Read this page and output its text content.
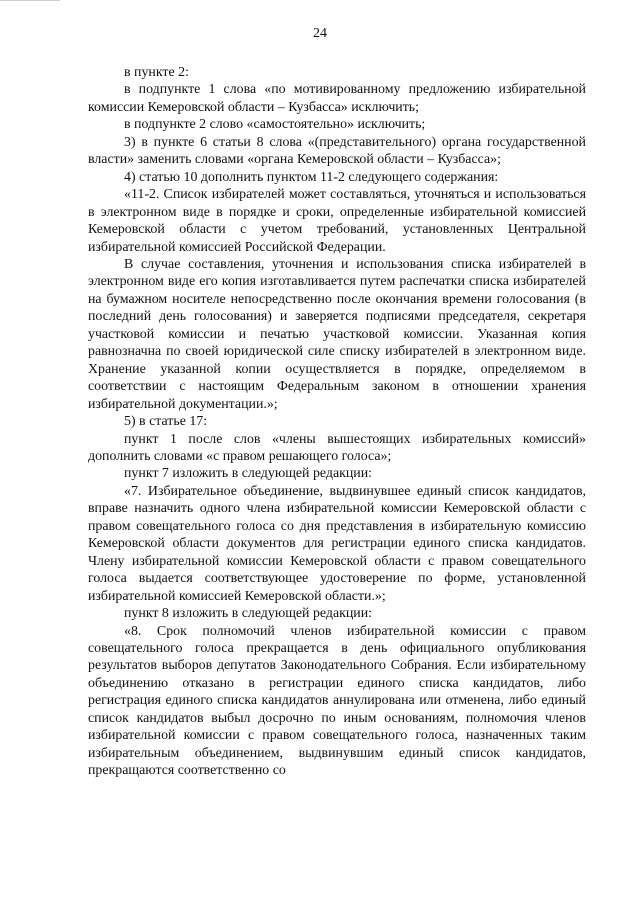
24

в пункте 2:

в подпункте 1 слова «по мотивированному предложению избирательной комиссии Кемеровской области – Кузбасса» исключить;

в подпункте 2 слово «самостоятельно» исключить;

3) в пункте 6 статьи 8 слова «(представительного) органа государственной власти» заменить словами «органа Кемеровской области – Кузбасса»;

4) статью 10 дополнить пунктом 11-2 следующего содержания:

«11-2. Список избирателей может составляться, уточняться и использоваться в электронном виде в порядке и сроки, определенные избирательной комиссией Кемеровской области с учетом требований, установленных Центральной избирательной комиссией Российской Федерации.

В случае составления, уточнения и использования списка избирателей в электронном виде его копия изготавливается путем распечатки списка избирателей на бумажном носителе непосредственно после окончания времени голосования (в последний день голосования) и заверяется подписями председателя, секретаря участковой комиссии и печатью участковой комиссии. Указанная копия равнозначна по своей юридической силе списку избирателей в электронном виде. Хранение указанной копии осуществляется в порядке, определяемом в соответствии с настоящим Федеральным законом в отношении хранения избирательной документации.»;

5) в статье 17:

пункт 1 после слов «члены вышестоящих избирательных комиссий» дополнить словами «с правом решающего голоса»;

пункт 7 изложить в следующей редакции:

«7. Избирательное объединение, выдвинувшее единый список кандидатов, вправе назначить одного члена избирательной комиссии Кемеровской области с правом совещательного голоса со дня представления в избирательную комиссию Кемеровской области документов для регистрации единого списка кандидатов. Члену избирательной комиссии Кемеровской области с правом совещательного голоса выдается соответствующее удостоверение по форме, установленной избирательной комиссией Кемеровской области.»;

пункт 8 изложить в следующей редакции:

«8. Срок полномочий членов избирательной комиссии с правом совещательного голоса прекращается в день официального опубликования результатов выборов депутатов Законодательного Собрания. Если избирательному объединению отказано в регистрации единого списка кандидатов, либо регистрация единого списка кандидатов аннулирована или отменена, либо единый список кандидатов выбыл досрочно по иным основаниям, полномочия членов избирательной комиссии с правом совещательного голоса, назначенных таким избирательным объединением, выдвинувшим единый список кандидатов, прекращаются соответственно со
